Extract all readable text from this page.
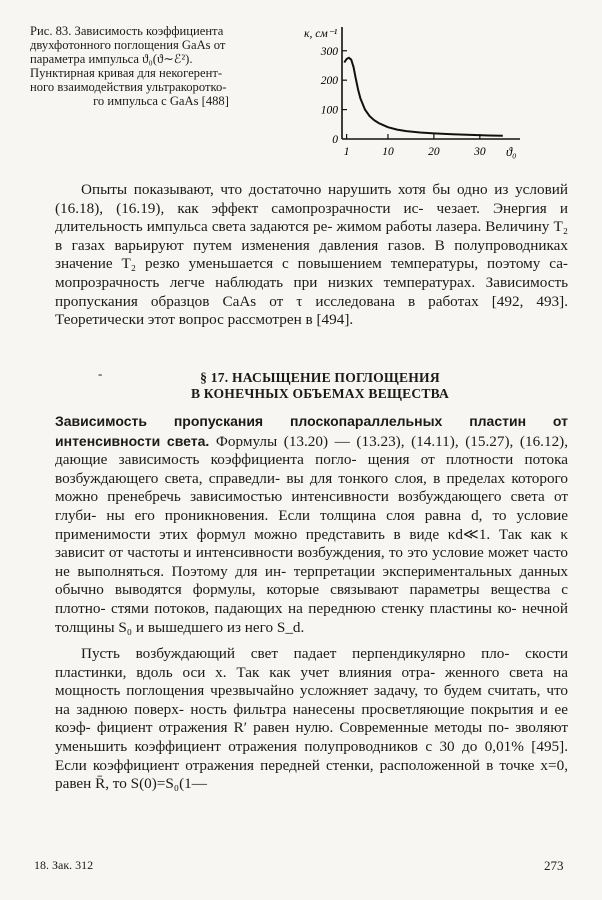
Рис. 83. Зависимость коэффициента
двухфотонного поглощения GaAs от
параметра импульса ϑ₀(ϑ∼ℰ²).
Пунктирная кривая для некогерент-
ного взаимодействия ультракоротко-
го импульса с GaAs [488]
κ, см⁻¹
ϑ₀
0
100
200
300
1	10	20	30
Опыты показывают, что достаточно нарушить хотя бы одно из условий (16.18), (16.19), как эффект самопрозрачности ис- чезает. Энергия и длительность импульса света задаются ре- жимом работы лазера. Величину T₂ в газах варьируют путем изменения давления газов. В полупроводниках значение T₂ резко уменьшается с повышением температуры, поэтому са- мопрозрачность легче наблюдать при низких температурах. Зависимость пропускания образцов CaAs от τ исследована в работах [492, 493]. Теоретически этот вопрос рассмотрен в [494].
-	§ 17. НАСЫЩЕНИЕ ПОГЛОЩЕНИЯ
В КОНЕЧНЫХ ОБЪЕМАХ ВЕЩЕСТВА
Зависимость пропускания плоскопараллельных пластин от интенсивности света. Формулы (13.20) — (13.23), (14.11), (15.27), (16.12), дающие зависимость коэффициента погло- щения от плотности потока возбуждающего света, справедли- вы для тонкого слоя, в пределах которого можно пренебречь зависимостью интенсивности возбуждающего света от глуби- ны его проникновения. Если толщина слоя равна d, то условие применимости этих формул можно представить в виде κd≪1. Так как κ зависит от частоты и интенсивности возбуждения, то это условие может часто не выполняться. Поэтому для ин- терпретации экспериментальных данных обычно выводятся формулы, которые связывают параметры вещества с плотно- стями потоков, падающих на переднюю стенку пластины ко- нечной толщины S₀ и вышедшего из него S_d.
Пусть возбуждающий свет падает перпендикулярно пло- скости пластинки, вдоль оси x. Так как учет влияния отра- женного света на мощность поглощения чрезвычайно усложняет задачу, то будем считать, что на заднюю поверх- ность фильтра нанесены просветляющие покрытия и ее коэф- фициент отражения R′ равен нулю. Современные методы по- зволяют уменьшить коэффициент отражения полупроводников с 30 до 0,01% [495]. Если коэффициент отражения передней стенки, расположенной в точке x=0, равен R̄, то S(0)=S₀(1—
18. Зак. 312	273
